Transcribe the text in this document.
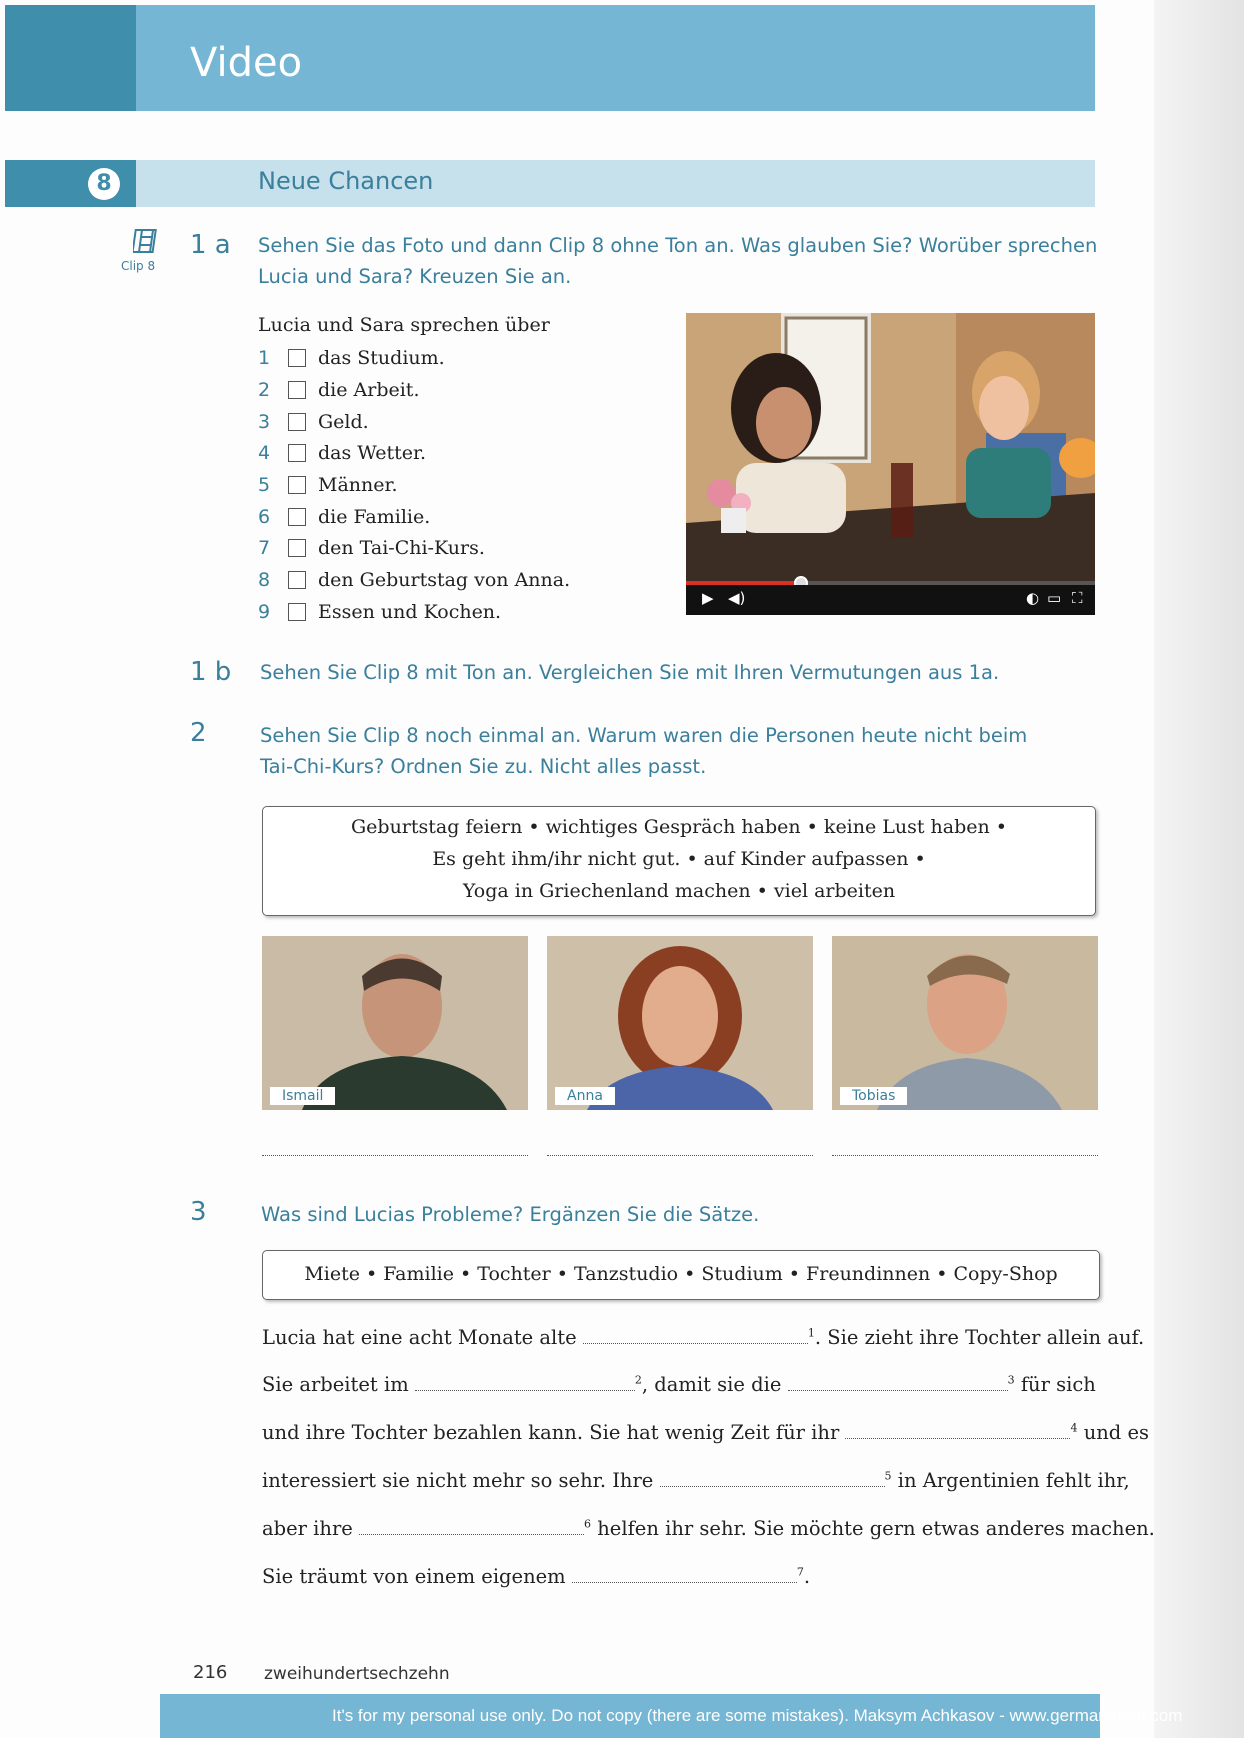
Video
8	Neue Chancen
Clip 8
1 a Sehen Sie das Foto und dann Clip 8 ohne Ton an. Was glauben Sie? Worüber sprechen
Lucia und Sara? Kreuzen Sie an.
Lucia und Sara sprechen über
1	das Studium.
2	die Arbeit.
3	Geld.
4	das Wetter.
5	Männer.
6	die Familie.
7	den Tai-Chi-Kurs.
8	den Geburtstag von Anna.
9	Essen und Kochen.
▶ ◀)	◐ ▭ ⛶
1 b Sehen Sie Clip 8 mit Ton an. Vergleichen Sie mit Ihren Vermutungen aus 1a.
2	Sehen Sie Clip 8 noch einmal an. Warum waren die Personen heute nicht beim
Tai-Chi-Kurs? Ordnen Sie zu. Nicht alles passt.
Geburtstag feiern • wichtiges Gespräch haben • keine Lust haben •
Es geht ihm/ihr nicht gut. • auf Kinder aufpassen •
Yoga in Griechenland machen • viel arbeiten
Ismail	Anna	Tobias
3	Was sind Lucias Probleme? Ergänzen Sie die Sätze.
Miete • Familie • Tochter • Tanzstudio • Studium • Freundinnen • Copy-Shop
Lucia hat eine acht Monate alte	$^1$. Sie zieht ihre Tochter allein auf.
Sie arbeitet im	$^2$, damit sie die	$^3$ für sich
und ihre Tochter bezahlen kann. Sie hat wenig Zeit für ihr	$^4$ und es
interessiert sie nicht mehr so sehr. Ihre	$^5$ in Argentinien fehlt ihr,
aber ihre	$^6$ helfen ihr sehr. Sie möchte gern etwas anderes machen.
Sie träumt von einem eigenem	$^7$.
216 zweihundertsechzehn
It's for my personal use only. Do not copy (there are some mistakes). Maksym Achkasov - www.german4real.com
